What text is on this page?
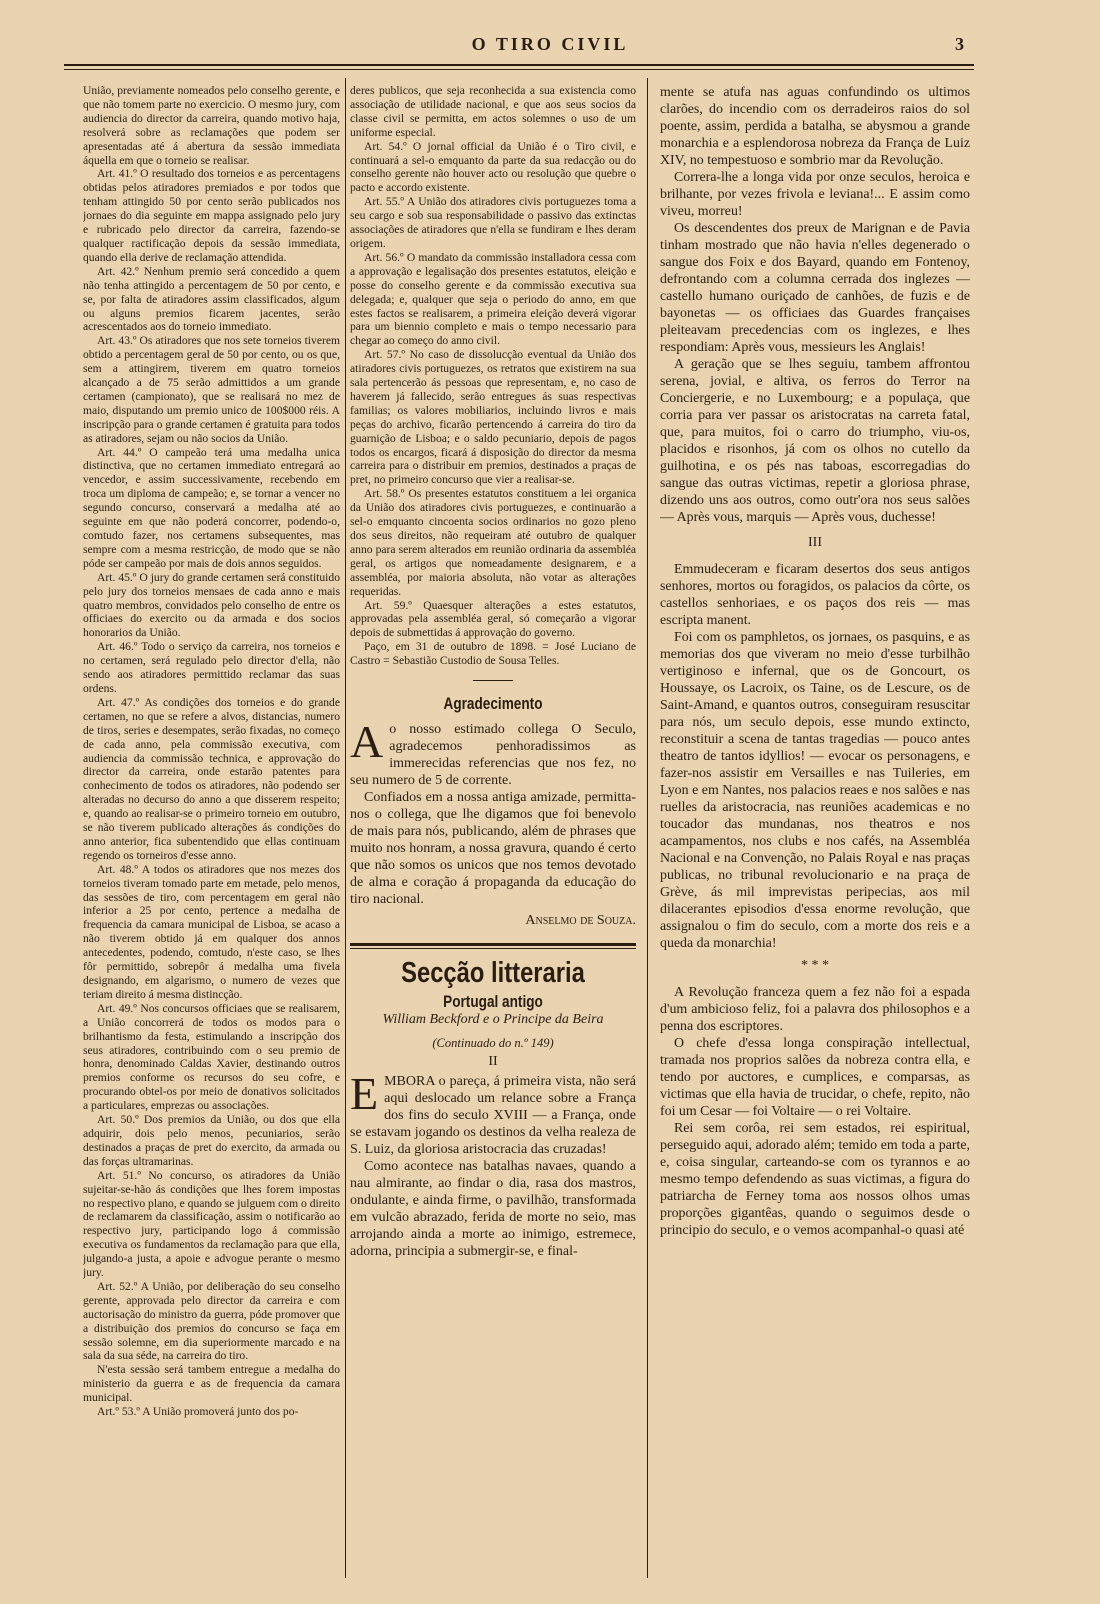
O TIRO CIVIL	3

União, previamente nomeados pelo conselho gerente, e que não tomem parte no exercicio. O mesmo jury, com audiencia do director da carreira, quando motivo haja, resolverá sobre as reclamações que podem ser apresentadas até á abertura da sessão immediata áquella em que o torneio se realisar.

Art. 41.º O resultado dos torneios e as percentagens obtidas pelos atiradores premiados e por todos que tenham attingido 50 por cento serão publicados nos jornaes do dia seguinte em mappa assignado pelo jury e rubricado pelo director da carreira, fazendo-se qualquer ractificação depois da sessão immediata, quando ella derive de reclamação attendida.

Art. 42.º Nenhum premio será concedido a quem não tenha attingido a percentagem de 50 por cento, e se, por falta de atiradores assim classificados, algum ou alguns premios ficarem jacentes, serão acrescentados aos do torneio immediato.

Art. 43.º Os atiradores que nos sete torneios tiverem obtido a percentagem geral de 50 por cento, ou os que, sem a attingirem, tiverem em quatro torneios alcançado a de 75 serão admittidos a um grande certamen (campionato), que se realisará no mez de maio, disputando um premio unico de 100$000 réis. A inscripção para o grande certamen é gratuita para todos as atiradores, sejam ou não socios da União.

Art. 44.º O campeão terá uma medalha unica distinctiva, que no certamen immediato entregará ao vencedor, e assim successivamente, recebendo em troca um diploma de campeão; e, se tornar a vencer no segundo concurso, conservará a medalha até ao seguinte em que não poderá concorrer, podendo-o, comtudo fazer, nos certamens subsequentes, mas sempre com a mesma restricção, de modo que se não póde ser campeão por mais de dois annos seguidos.

Art. 45.º O jury do grande certamen será constituido pelo jury dos torneios mensaes de cada anno e mais quatro membros, convidados pelo conselho de entre os officiaes do exercito ou da armada e dos socios honorarios da União.

Art. 46.º Todo o serviço da carreira, nos torneios e no certamen, será regulado pelo director d'ella, não sendo aos atiradores permittido reclamar das suas ordens.

Art. 47.º As condições dos torneios e do grande certamen, no que se refere a alvos, distancias, numero de tiros, series e desempates, serão fixadas, no começo de cada anno, pela commissão executiva, com audiencia da commissão technica, e approvação do director da carreira, onde estarão patentes para conhecimento de todos os atiradores, não podendo ser alteradas no decurso do anno a que disserem respeito; e, quando ao realisar-se o primeiro torneio em outubro, se não tiverem publicado alterações ás condições do anno anterior, fica subentendido que ellas continuam regendo os torneiros d'esse anno.

Art. 48.º A todos os atiradores que nos mezes dos torneios tiveram tomado parte em metade, pelo menos, das sessões de tiro, com percentagem em geral não inferior a 25 por cento, pertence a medalha de frequencia da camara municipal de Lisboa, se acaso a não tiverem obtido já em qualquer dos annos antecedentes, podendo, comtudo, n'este caso, se lhes fôr permittido, sobrepôr á medalha uma fivela designando, em algarismo, o numero de vezes que teriam direito á mesma distincção.

Art. 49.º Nos concursos officiaes que se realisarem, a União concorrerá de todos os modos para o brilhantismo da festa, estimulando a inscripção dos seus atiradores, contribuindo com o seu premio de honra, denominado Caldas Xavier, destinando outros premios conforme os recursos do seu cofre, e procurando obtel-os por meio de donativos solicitados a particulares, emprezas ou associações.

Art. 50.º Dos premios da União, ou dos que ella adquirir, dois pelo menos, pecuniarios, serão destinados a praças de pret do exercito, da armada ou das forças ultramarinas.

Art. 51.º No concurso, os atiradores da União sujeitar-se-hão ás condições que lhes forem impostas no respectivo plano, e quando se julguem com o direito de reclamarem da classificação, assim o notificarão ao respectivo jury, participando logo á commissão executiva os fundamentos da reclamação para que ella, julgando-a justa, a apoie e advogue perante o mesmo jury.

Art. 52.º A União, por deliberação do seu conselho gerente, approvada pelo director da carreira e com auctorisação do ministro da guerra, póde promover que a distribuição dos premios do concurso se faça em sessão solemne, em dia superiormente marcado e na sala da sua séde, na carreira do tiro.

N'esta sessão será tambem entregue a medalha do ministerio da guerra e as de frequencia da camara municipal.

Art.º 53.º A União promoverá junto dos po-

deres publicos, que seja reconhecida a sua existencia como associação de utilidade nacional, e que aos seus socios da classe civil se permitta, em actos solemnes o uso de um uniforme especial.

Art. 54.º O jornal official da União é o Tiro civil, e continuará a sel-o emquanto da parte da sua redacção ou do conselho gerente não houver acto ou resolução que quebre o pacto e accordo existente.

Art. 55.º A União dos atiradores civis portuguezes toma a seu cargo e sob sua responsabilidade o passivo das extinctas associações de atiradores que n'ella se fundiram e lhes deram origem.

Art. 56.º O mandato da commissão installadora cessa com a approvação e legalisação dos presentes estatutos, eleição e posse do conselho gerente e da commissão executiva sua delegada; e, qualquer que seja o periodo do anno, em que estes factos se realisarem, a primeira eleição deverá vigorar para um biennio completo e mais o tempo necessario para chegar ao começo do anno civil.

Art. 57.º No caso de dissolucção eventual da União dos atiradores civis portuguezes, os retratos que existirem na sua sala pertencerão ás pessoas que representam, e, no caso de haverem já fallecido, serão entregues ás suas respectivas familias; os valores mobiliarios, incluindo livros e mais peças do archivo, ficarão pertencendo á carreira do tiro da guarnição de Lisboa; e o saldo pecuniario, depois de pagos todos os encargos, ficará á disposição do director da mesma carreira para o distribuir em premios, destinados a praças de pret, no primeiro concurso que vier a realisar-se.

Art. 58.º Os presentes estatutos constituem a lei organica da União dos atiradores civis portuguezes, e continuarão a sel-o emquanto cincoenta socios ordinarios no gozo pleno dos seus direitos, não requeiram até outubro de qualquer anno para serem alterados em reunião ordinaria da assembléa geral, os artigos que nomeadamente designarem, e a assembléa, por maioria absoluta, não votar as alterações requeridas.

Art. 59.º Quaesquer alterações a estes estatutos, approvadas pela assembléa geral, só começarão a vigorar depois de submettidas á approvação do governo.

Paço, em 31 de outubro de 1898. = José Luciano de Castro = Sebastião Custodio de Sousa Telles.

Agradecimento
A o nosso estimado collega O Seculo, agradecemos penhoradissimos as immerecidas referencias que nos fez, no seu numero de 5 de corrente.

Confiados em a nossa antiga amizade, permitta-nos o collega, que lhe digamos que foi benevolo de mais para nós, publicando, além de phrases que muito nos honram, a nossa gravura, quando é certo que não somos os unicos que nos temos devotado de alma e coração á propaganda da educação do tiro nacional.

Anselmo de Souza.
Secção litteraria
Portugal antigo
William Beckford e o Principe da Beira
(Continuado do n.º 149)
II
E MBORA o pareça, á primeira vista, não será aqui deslocado um relance sobre a França dos fins do seculo XVIII — a França, onde se estavam jogando os destinos da velha realeza de S. Luiz, da gloriosa aristocracia das cruzadas!

Como acontece nas batalhas navaes, quando a nau almirante, ao findar o dia, rasa dos mastros, ondulante, e ainda firme, o pavilhão, transformada em vulcão abrazado, ferida de morte no seio, mas arrojando ainda a morte ao inimigo, estremece, adorna, principia a submergir-se, e final-

mente se atufa nas aguas confundindo os ultimos clarões, do incendio com os derradeiros raios do sol poente, assim, perdida a batalha, se abysmou a grande monarchia e a esplendorosa nobreza da França de Luiz XIV, no tempestuoso e sombrio mar da Revolução.

Correra-lhe a longa vida por onze seculos, heroica e brilhante, por vezes frivola e leviana!... E assim como viveu, morreu!

Os descendentes dos preux de Marignan e de Pavia tinham mostrado que não havia n'elles degenerado o sangue dos Foix e dos Bayard, quando em Fontenoy, defrontando com a columna cerrada dos inglezes — castello humano ouriçado de canhões, de fuzis e de bayonetas — os officiaes das Guardes françaises pleiteavam precedencias com os inglezes, e lhes respondiam: Après vous, messieurs les Anglais!

A geração que se lhes seguiu, tambem affrontou serena, jovial, e altiva, os ferros do Terror na Conciergerie, e no Luxembourg; e a populaça, que corria para ver passar os aristocratas na carreta fatal, que, para muitos, foi o carro do triumpho, viu-os, placidos e risonhos, já com os olhos no cutello da guilhotina, e os pés nas taboas, escorregadias do sangue das outras victimas, repetir a gloriosa phrase, dizendo uns aos outros, como outr'ora nos seus salões — Après vous, marquis — Après vous, duchesse!

III

Emmudeceram e ficaram desertos dos seus antigos senhores, mortos ou foragidos, os palacios da côrte, os castellos senhoriaes, e os paços dos reis — mas escripta manent.

Foi com os pamphletos, os jornaes, os pasquins, e as memorias dos que viveram no meio d'esse turbilhão vertiginoso e infernal, que os de Goncourt, os Houssaye, os Lacroix, os Taine, os de Lescure, os de Saint-Amand, e quantos outros, conseguiram resuscitar para nós, um seculo depois, esse mundo extincto, reconstituir a scena de tantas tragedias — pouco antes theatro de tantos idyllios! — evocar os personagens, e fazer-nos assistir em Versailles e nas Tuileries, em Lyon e em Nantes, nos palacios reaes e nos salões e nas ruelles da aristocracia, nas reuniões academicas e no toucador das mundanas, nos theatros e nos acampamentos, nos clubs e nos cafés, na Assembléa Nacional e na Convenção, no Palais Royal e nas praças publicas, no tribunal revolucionario e na praça de Grève, ás mil imprevistas peripecias, aos mil dilacerantes episodios d'essa enorme revolução, que assignalou o fim do seculo, com a morte dos reis e a queda da monarchia!

* * *

A Revolução franceza quem a fez não foi a espada d'um ambicioso feliz, foi a palavra dos philosophos e a penna dos escriptores.

O chefe d'essa longa conspiração intellectual, tramada nos proprios salões da nobreza contra ella, e tendo por auctores, e cumplices, e comparsas, as victimas que ella havia de trucidar, o chefe, repito, não foi um Cesar — foi Voltaire — o rei Voltaire.

Rei sem corôa, rei sem estados, rei espiritual, perseguido aqui, adorado além; temido em toda a parte, e, coisa singular, carteando-se com os tyrannos e ao mesmo tempo defendendo as suas victimas, a figura do patriarcha de Ferney toma aos nossos olhos umas proporções gigantêas, quando o seguimos desde o principio do seculo, e o vemos acompanhal-o quasi até
